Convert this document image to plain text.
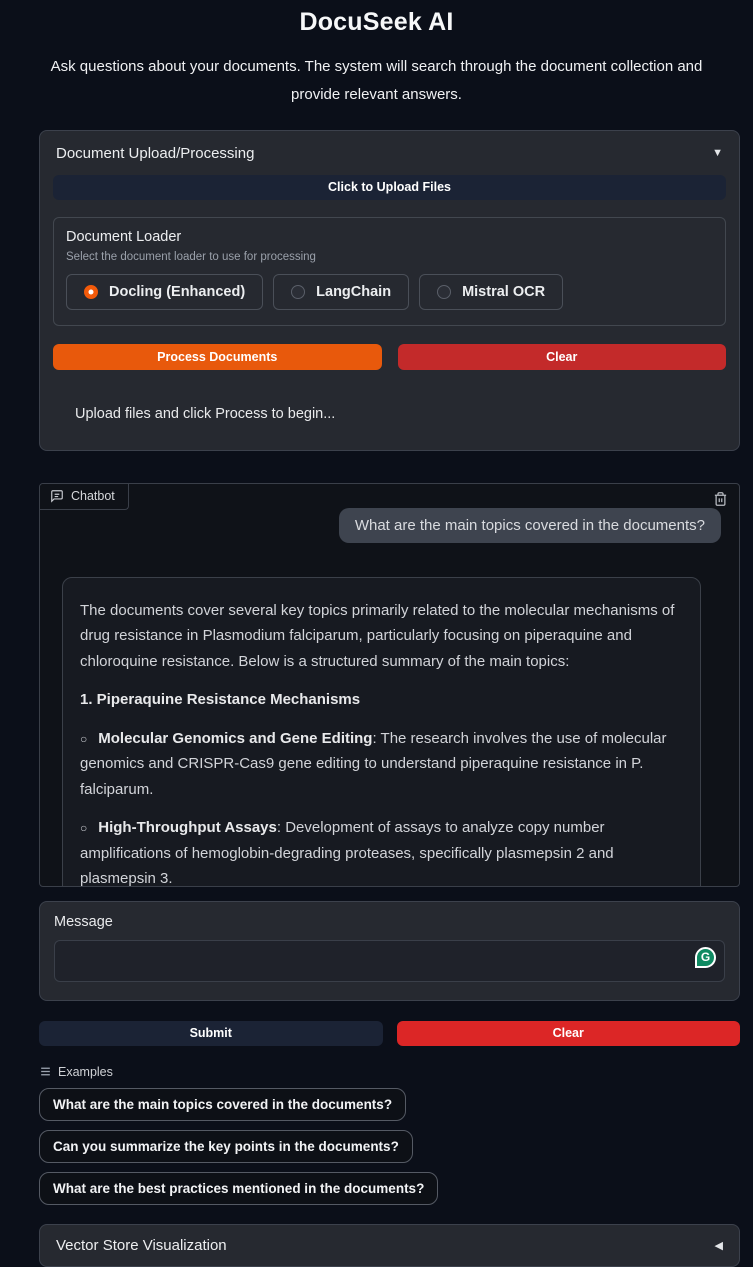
DocuSeek AI

Ask questions about your documents. The system will search through the document collection and provide relevant answers.

Document Upload/Processing	▼
Click to Upload Files
Document Loader
Select the document loader to use for processing
Docling (Enhanced)	LangChain	Mistral OCR
Process Documents	Clear
Upload files and click Process to begin...
Chatbot
What are the main topics covered in the documents?

The documents cover several key topics primarily related to the molecular mechanisms of drug resistance in Plasmodium falciparum, particularly focusing on piperaquine and chloroquine resistance. Below is a structured summary of the main topics:

1. Piperaquine Resistance Mechanisms

○ Molecular Genomics and Gene Editing: The research involves the use of molecular genomics and CRISPR-Cas9 gene editing to understand piperaquine resistance in P. falciparum.

○ High-Throughput Assays: Development of assays to analyze copy number amplifications of hemoglobin-degrading proteases, specifically plasmepsin 2 and plasmepsin 3.

Message
G
Submit	Clear
Examples
What are the main topics covered in the documents?
Can you summarize the key points in the documents?
What are the best practices mentioned in the documents?
Vector Store Visualization	◀
